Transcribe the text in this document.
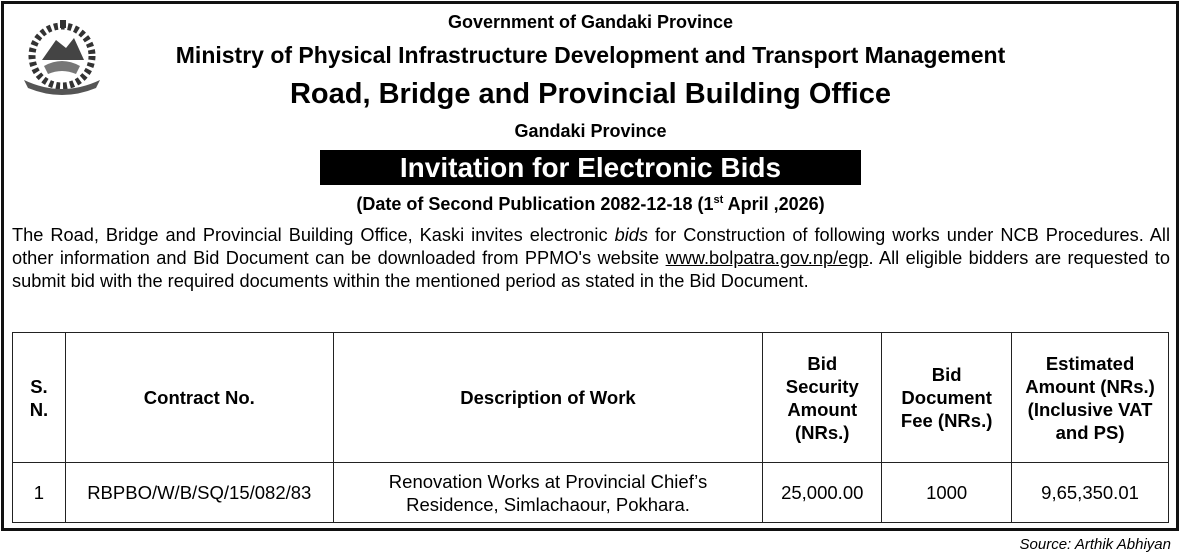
Government of Gandaki Province
Ministry of Physical Infrastructure Development and Transport Management
Road, Bridge and Provincial Building Office
Gandaki Province
Invitation for Electronic Bids
(Date of Second Publication 2082-12-18 (1st April ,2026)
The Road, Bridge and Provincial Building Office, Kaski invites electronic bids for Construction of following works under NCB Procedures. All other information and Bid Document can be downloaded from PPMO's website www.bolpatra.gov.np/egp. All eligible bidders are requested to submit bid with the required documents within the mentioned period as stated in the Bid Document.
S. N.	Contract No.	Description of Work	Bid Security Amount (NRs.)	Bid Document Fee (NRs.)	Estimated Amount (NRs.) (Inclusive VAT and PS)

1	RBPBO/W/B/SQ/15/082/83	Renovation Works at Provincial Chief’s Residence, Simlachaour, Pokhara.	25,000.00	1000	9,65,350.01
Source: Arthik Abhiyan
